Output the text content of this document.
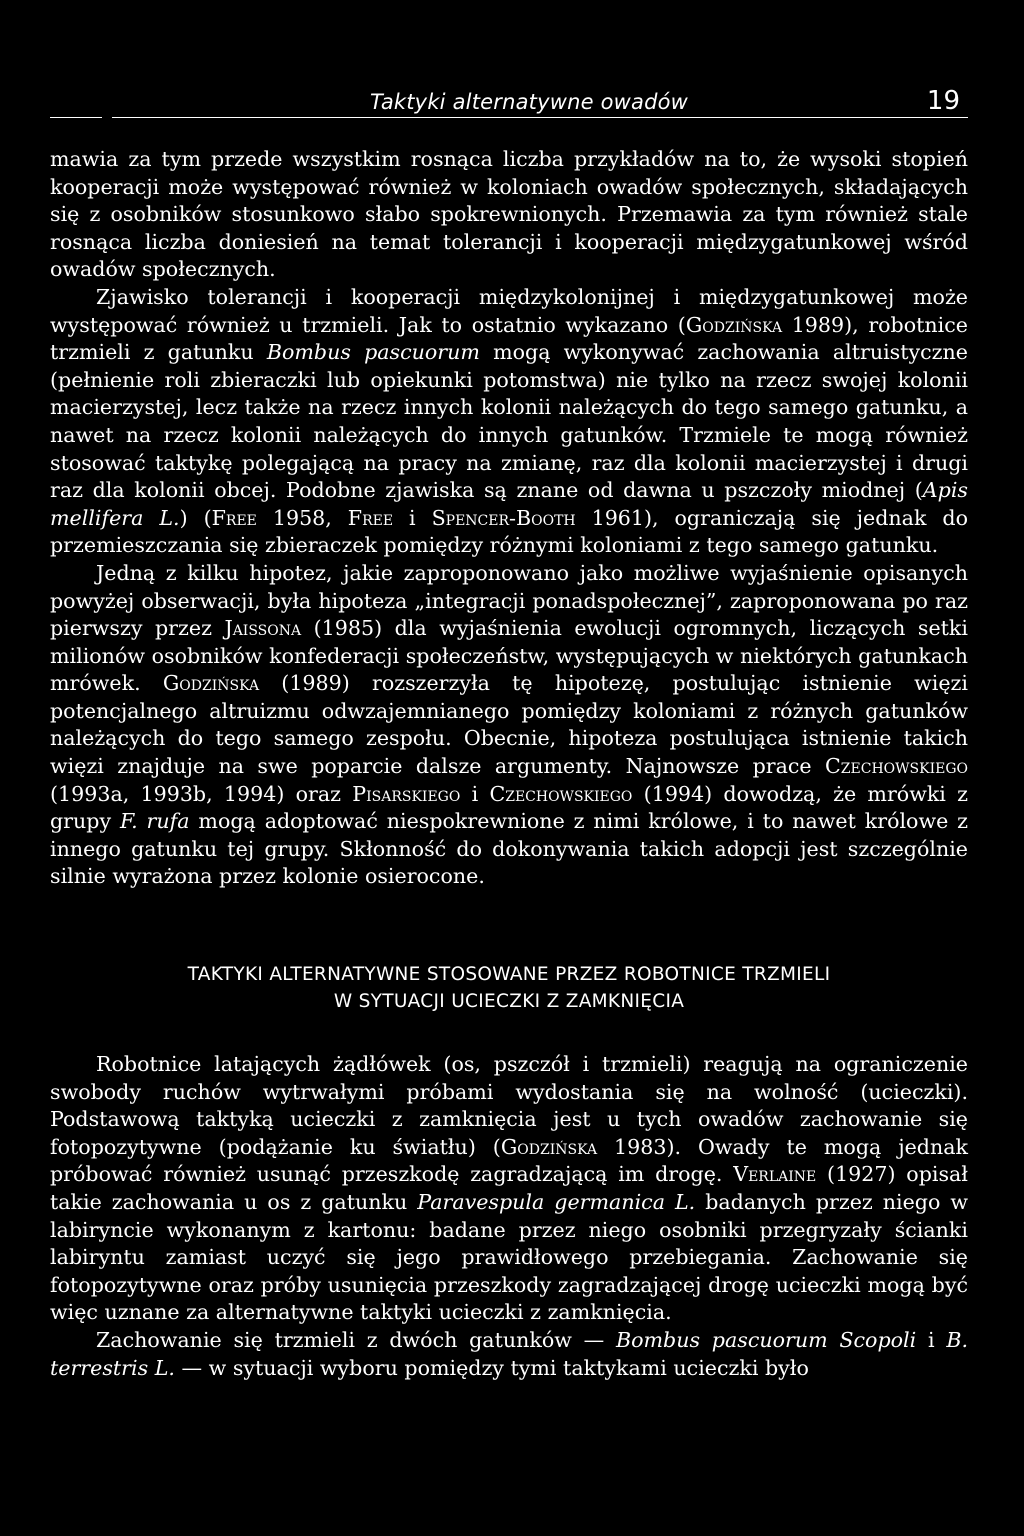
Taktyki alternatywne owadów	19

mawia za tym przede wszystkim rosnąca liczba przykładów na to, że wysoki stopień kooperacji może występować również w koloniach owadów społecznych, składających się z osobników stosunkowo słabo spokrewnionych. Przemawia za tym również stale rosnąca liczba doniesień na temat tolerancji i kooperacji międzygatunkowej wśród owadów społecznych.

Zjawisko tolerancji i kooperacji międzykolonijnej i międzygatunkowej może występować również u trzmieli. Jak to ostatnio wykazano (Godzińska 1989), robotnice trzmieli z gatunku Bombus pascuorum mogą wykonywać zachowania altruistyczne (pełnienie roli zbieraczki lub opiekunki potomstwa) nie tylko na rzecz swojej kolonii macierzystej, lecz także na rzecz innych kolonii należących do tego samego gatunku, a nawet na rzecz kolonii należących do innych gatunków. Trzmiele te mogą również stosować taktykę polegającą na pracy na zmianę, raz dla kolonii macierzystej i drugi raz dla kolonii obcej. Podobne zjawiska są znane od dawna u pszczoły miodnej (Apis mellifera L.) (Free 1958, Free i Spencer-Booth 1961), ograniczają się jednak do przemieszczania się zbieraczek pomiędzy różnymi koloniami z tego samego gatunku.

Jedną z kilku hipotez, jakie zaproponowano jako możliwe wyjaśnienie opisanych powyżej obserwacji, była hipoteza „integracji ponadspołecznej”, zaproponowana po raz pierwszy przez Jaissona (1985) dla wyjaśnienia ewolucji ogromnych, liczących setki milionów osobników konfederacji społeczeństw, występujących w niektórych gatunkach mrówek. Godzińska (1989) rozszerzyła tę hipotezę, postulując istnienie więzi potencjalnego altruizmu odwzajemnianego pomiędzy koloniami z różnych gatunków należących do tego samego zespołu. Obecnie, hipoteza postulująca istnienie takich więzi znajduje na swe poparcie dalsze argumenty. Najnowsze prace Czechowskiego (1993a, 1993b, 1994) oraz Pisarskiego i Czechowskiego (1994) dowodzą, że mrówki z grupy F. rufa mogą adoptować niespokrewnione z nimi królowe, i to nawet królowe z innego gatunku tej grupy. Skłonność do dokonywania takich adopcji jest szczególnie silnie wyrażona przez kolonie osierocone.

TAKTYKI ALTERNATYWNE STOSOWANE PRZEZ ROBOTNICE TRZMIELI
W SYTUACJI UCIECZKI Z ZAMKNIĘCIA

Robotnice latających żądłówek (os, pszczół i trzmieli) reagują na ograniczenie swobody ruchów wytrwałymi próbami wydostania się na wolność (ucieczki). Podstawową taktyką ucieczki z zamknięcia jest u tych owadów zachowanie się fotopozytywne (podążanie ku światłu) (Godzińska 1983). Owady te mogą jednak próbować również usunąć przeszkodę zagradzającą im drogę. Verlaine (1927) opisał takie zachowania u os z gatunku Paravespula germanica L. badanych przez niego w labiryncie wykonanym z kartonu: badane przez niego osobniki przegryzały ścianki labiryntu zamiast uczyć się jego prawidłowego przebiegania. Zachowanie się fotopozytywne oraz próby usunięcia przeszkody zagradzającej drogę ucieczki mogą być więc uznane za alternatywne taktyki ucieczki z zamknięcia.

Zachowanie się trzmieli z dwóch gatunków — Bombus pascuorum Scopoli i B. terrestris L. — w sytuacji wyboru pomiędzy tymi taktykami ucieczki było
